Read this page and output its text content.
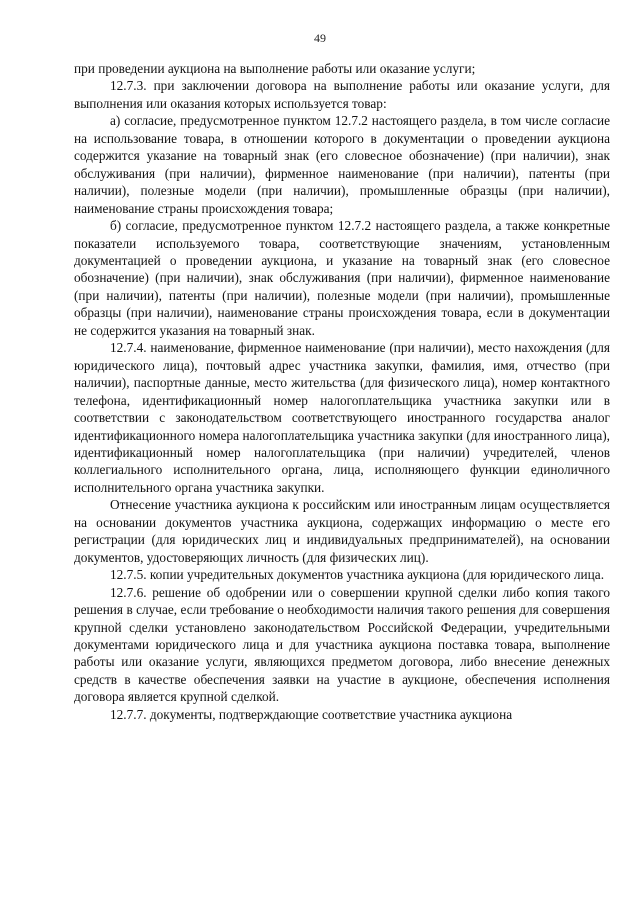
49

при проведении аукциона на выполнение работы или оказание услуги;

12.7.3. при заключении договора на выполнение работы или оказание услуги, для выполнения или оказания которых используется товар:

а) согласие, предусмотренное пунктом 12.7.2 настоящего раздела, в том числе согласие на использование товара, в отношении которого в документации о проведении аукциона содержится указание на товарный знак (его словесное обозначение) (при наличии), знак обслуживания (при наличии), фирменное наименование (при наличии), патенты (при наличии), полезные модели (при наличии), промышленные образцы (при наличии), наименование страны происхождения товара;

б) согласие, предусмотренное пунктом 12.7.2 настоящего раздела, а также конкретные показатели используемого товара, соответствующие значениям, установленным документацией о проведении аукциона, и указание на товарный знак (его словесное обозначение) (при наличии), знак обслуживания (при наличии), фирменное наименование (при наличии), патенты (при наличии), полезные модели (при наличии), промышленные образцы (при наличии), наименование страны происхождения товара, если в документации не содержится указания на товарный знак.

12.7.4. наименование, фирменное наименование (при наличии), место нахождения (для юридического лица), почтовый адрес участника закупки, фамилия, имя, отчество (при наличии), паспортные данные, место жительства (для физического лица), номер контактного телефона, идентификационный номер налогоплательщика участника закупки или в соответствии с законодательством соответствующего иностранного государства аналог идентификационного номера налогоплательщика участника закупки (для иностранного лица), идентификационный номер налогоплательщика (при наличии) учредителей, членов коллегиального исполнительного органа, лица, исполняющего функции единоличного исполнительного органа участника закупки.

Отнесение участника аукциона к российским или иностранным лицам осуществляется на основании документов участника аукциона, содержащих информацию о месте его регистрации (для юридических лиц и индивидуальных предпринимателей), на основании документов, удостоверяющих личность (для физических лиц).

12.7.5. копии учредительных документов участника аукциона (для юридического лица.

12.7.6. решение об одобрении или о совершении крупной сделки либо копия такого решения в случае, если требование о необходимости наличия такого решения для совершения крупной сделки установлено законодательством Российской Федерации, учредительными документами юридического лица и для участника аукциона поставка товара, выполнение работы или оказание услуги, являющихся предметом договора, либо внесение денежных средств в качестве обеспечения заявки на участие в аукционе, обеспечения исполнения договора является крупной сделкой.

12.7.7. документы, подтверждающие соответствие участника аукциона
